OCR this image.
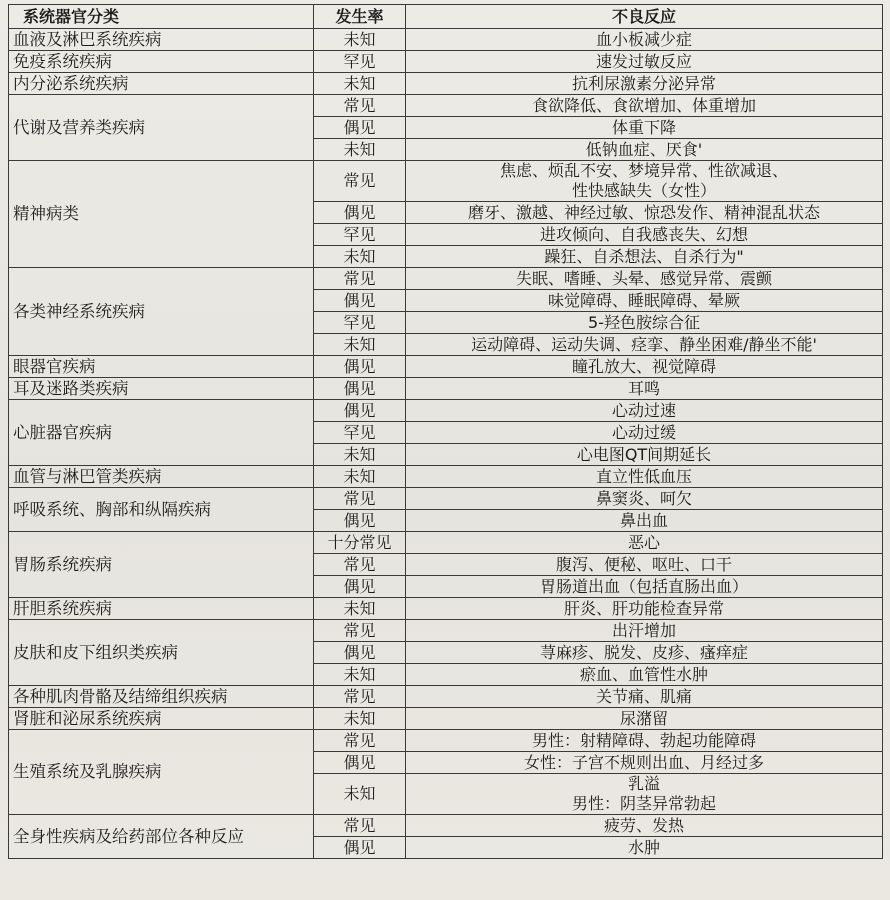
系统器官分类	发生率	不良反应
血液及淋巴系统疾病	未知	血小板减少症

免疫系统疾病	罕见	速发过敏反应

内分泌系统疾病	未知	抗利尿激素分泌异常

代谢及营养类疾病	常见	食欲降低、食欲增加、体重增加

	偶见	体重下降

	未知	低钠血症、厌食'

精神病类	常见	焦虑、烦乱不安、梦境异常、性欲减退、
性快感缺失（女性）

	偶见	磨牙、激越、神经过敏、惊恐发作、精神混乱状态

	罕见	进攻倾向、自我感丧失、幻想

	未知	躁狂、自杀想法、自杀行为"

各类神经系统疾病	常见	失眠、嗜睡、头晕、感觉异常、震颤

	偶见	味觉障碍、睡眠障碍、晕厥

	罕见	5-羟色胺综合征

	未知	运动障碍、运动失调、痉挛、静坐困难/静坐不能'

眼器官疾病	偶见	瞳孔放大、视觉障碍

耳及迷路类疾病	偶见	耳鸣

心脏器官疾病	偶见	心动过速

	罕见	心动过缓

	未知	心电图QT间期延长

血管与淋巴管类疾病	未知	直立性低血压

呼吸系统、胸部和纵隔疾病	常见	鼻窦炎、呵欠

	偶见	鼻出血

胃肠系统疾病	十分常见	恶心

	常见	腹泻、便秘、呕吐、口干

	偶见	胃肠道出血（包括直肠出血）

肝胆系统疾病	未知	肝炎、肝功能检查异常

皮肤和皮下组织类疾病	常见	出汗增加

	偶见	荨麻疹、脱发、皮疹、瘙痒症

	未知	瘀血、血管性水肿

各种肌肉骨骼及结缔组织疾病	常见	关节痛、肌痛

肾脏和泌尿系统疾病	未知	尿潴留

生殖系统及乳腺疾病	常见	男性：射精障碍、勃起功能障碍

	偶见	女性：子宫不规则出血、月经过多

	未知	乳溢
男性：阴茎异常勃起

全身性疾病及给药部位各种反应	常见	疲劳、发热

	偶见	水肿
